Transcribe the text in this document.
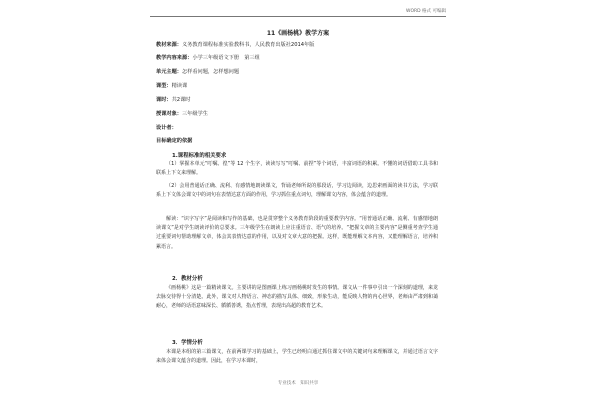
WORD 格式 可编辑
11《画杨桃》教学方案
教材来源：义务教育课程标准实验教科书，人民教育出版社2014年版
教学内容来源：小学三年级语文下册　第三组
单元主题：怎样看问题，怎样想问题
课型：精读课
课时：共2课时
授课对象：三年级学生
设计者：
目标确定的依据
1.课程标准的相关要求
（1）掌握本单元“叮嘱、徨”等 12 个生字，读读写写“叮嘱、前捏”等个词语，丰富词语的积累。不懂的词语借助工具书和联系上下文来理解。
（2）会用普通话正确、流利、有感情地朗读课文，背诵老师所说的那段话，学习边阅读，边思索画面的读书方法，学习联系上下文体会课文中的词句在表情达意方面的作用，学习抓住重点词句，理解课文内容，体会蕴含的道理。
解读：“识字写字”是阅读和写作的基础，也是贯穿整个义务教育阶段的重要教学内容。“用普通话正确、流利、有感情地朗读课文”是对学生朗读评价的总要求。三年级学生在朗读上应注重语音、语气的培养。“把握文章的主要内容”是侧重考查学生通过重要词句帮助理解文章，体会其表情达意的作用，以及对文章大意的把握。这样，既能理解文本内容，又能理解语言，培养积累语言。
2．教材分析
《画杨桃》这是一篇精读课文。主要讲的是图画课上练习画杨桃时发生的事情。课文从一件事中引出一个深刻的道理，来龙去脉交待得十分清楚。此外，课文对人物语言、神态的描写具体、细致，形象生动，能反映人物的内心世界，老师由严肃到和蔼耐心，老师的话语意味深长、循循善诱，指点哲理，表现出高超的教育艺术。
3．学情分析
本课是本组的第三篇课文，在前两课学习的基础上，学生已经明白通过抓住课文中的关键词句来理解课文，并通过语言文字来体会课文蕴含的道理。因此，在学习本课时，
专业技术　知识共享
